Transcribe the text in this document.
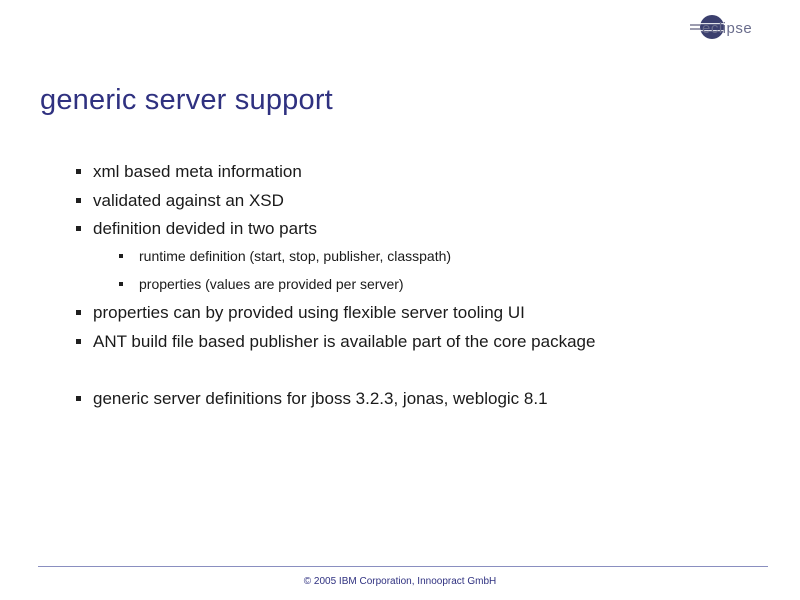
eclipse
generic server support
xml based meta information
validated against an XSD
definition devided in two parts
runtime definition (start, stop, publisher, classpath)
properties (values are provided per server)
properties can by provided using flexible server tooling UI
ANT build file based publisher is available part of the core package
generic server definitions for jboss 3.2.3, jonas, weblogic 8.1
© 2005 IBM Corporation, Innoopract GmbH
